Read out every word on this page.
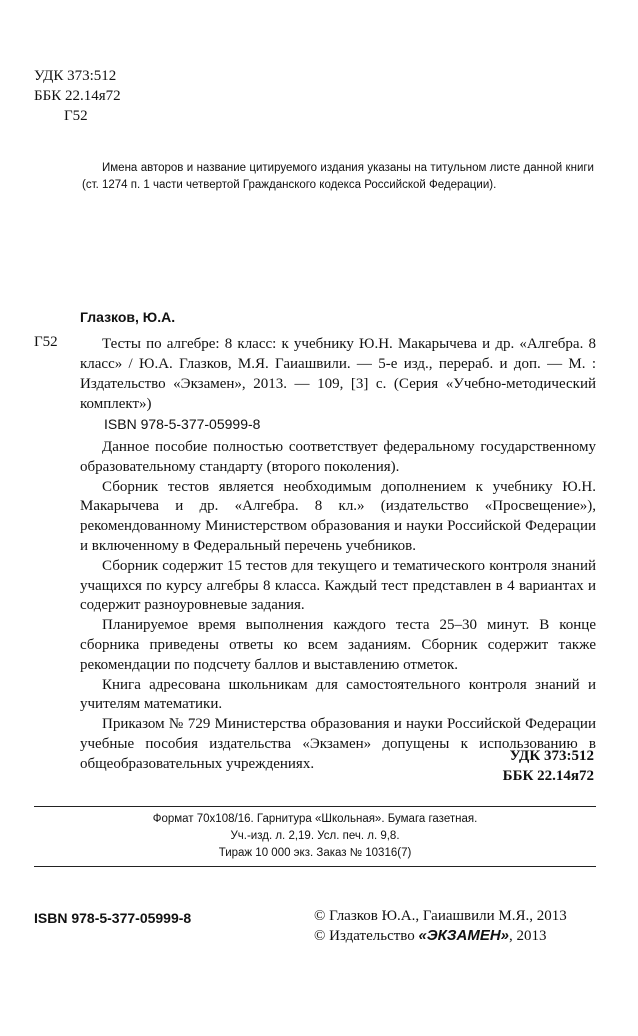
УДК 373:512
ББК 22.14я72
Г52
Имена авторов и название цитируемого издания указаны на титульном листе данной книги (ст. 1274 п. 1 части четвертой Гражданского кодекса Российской Федерации).
Глазков, Ю.А.
Г52	Тесты по алгебре: 8 класс: к учебнику Ю.Н. Макарычева и др. «Алгебра. 8 класс» / Ю.А. Глазков, М.Я. Гаиашвили. — 5-е изд., перераб. и доп. — М. : Издательство «Экзамен», 2013. — 109, [3] с. (Серия «Учебно-методический комплект»)
ISBN 978-5-377-05999-8

Данное пособие полностью соответствует федеральному государственному образовательному стандарту (второго поколения).

Сборник тестов является необходимым дополнением к учебнику Ю.Н. Макарычева и др. «Алгебра. 8 кл.» (издательство «Просвещение»), рекомендованному Министерством образования и науки Российской Федерации и включенному в Федеральный перечень учебников.

Сборник содержит 15 тестов для текущего и тематического контроля знаний учащихся по курсу алгебры 8 класса. Каждый тест представлен в 4 вариантах и содержит разноуровневые задания.

Планируемое время выполнения каждого теста 25–30 минут. В конце сборника приведены ответы ко всем заданиям. Сборник содержит также рекомендации по подсчету баллов и выставлению отметок.

Книга адресована школьникам для самостоятельного контроля знаний и учителям математики.

Приказом № 729 Министерства образования и науки Российской Федерации учебные пособия издательства «Экзамен» допущены к использованию в общеобразовательных учреждениях.	УДК 373:512
ББК 22.14я72
Формат 70x108/16. Гарнитура «Школьная». Бумага газетная.
Уч.-изд. л. 2,19. Усл. печ. л. 9,8.
Тираж 10 000 экз. Заказ № 10316(7)
ISBN 978-5-377-05999-8	© Глазков Ю.А., Гаиашвили М.Я., 2013
© Издательство «ЭКЗАМЕН», 2013
